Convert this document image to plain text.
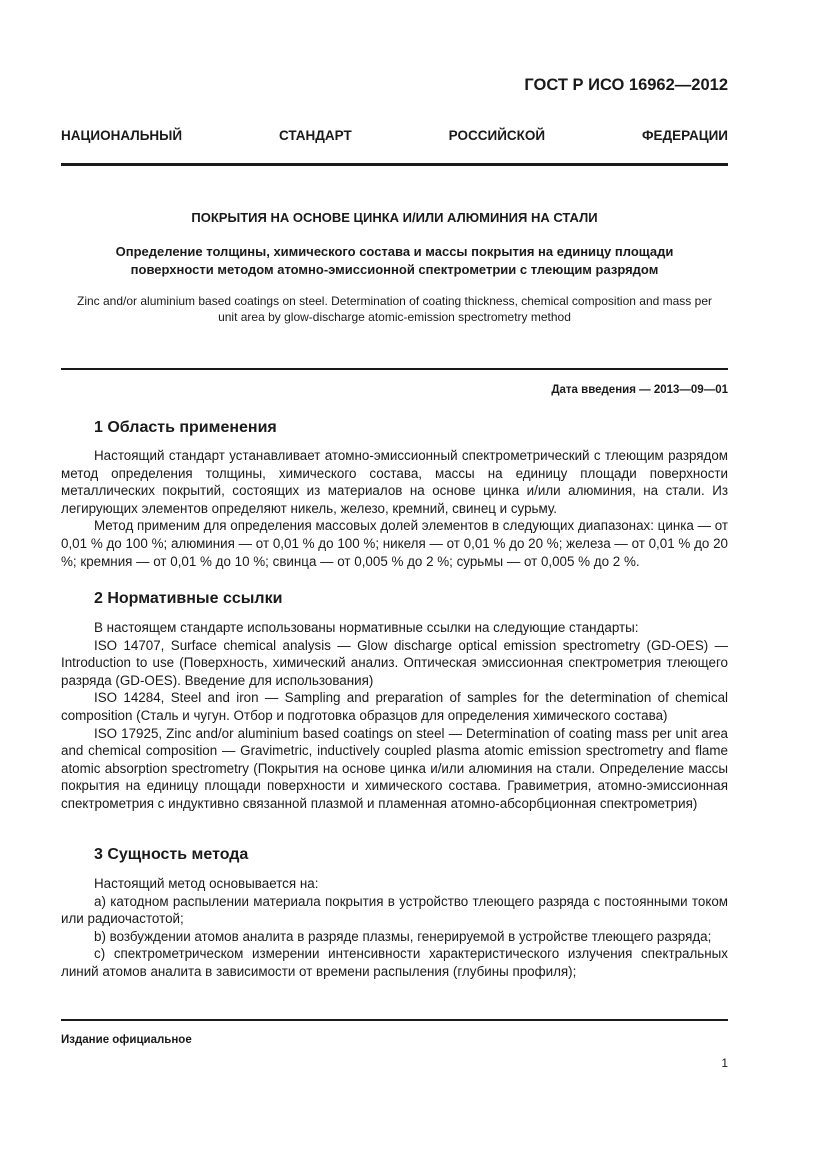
ГОСТ Р ИСО 16962—2012
НАЦИОНАЛЬНЫЙ СТАНДАРТ РОССИЙСКОЙ ФЕДЕРАЦИИ
ПОКРЫТИЯ НА ОСНОВЕ ЦИНКА И/ИЛИ АЛЮМИНИЯ НА СТАЛИ
Определение толщины, химического состава и массы покрытия на единицу площади
поверхности методом атомно-эмиссионной спектрометрии с тлеющим разрядом
Zinc and/or aluminium based coatings on steel. Determination of coating thickness, chemical composition and mass per
unit area by glow-discharge atomic-emission spectrometry method
Дата введения — 2013—09—01
1 Область применения
Настоящий стандарт устанавливает атомно-эмиссионный спектрометрический с тлеющим разрядом метод определения толщины, химического состава, массы на единицу площади поверхности металлических покрытий, состоящих из материалов на основе цинка и/или алюминия, на стали. Из легирующих элементов определяют никель, железо, кремний, свинец и сурьму.
Метод применим для определения массовых долей элементов в следующих диапазонах: цинка — от 0,01 % до 100 %; алюминия — от 0,01 % до 100 %; никеля — от 0,01 % до 20 %; железа — от 0,01 % до 20 %; кремния — от 0,01 % до 10 %; свинца — от 0,005 % до 2 %; сурьмы — от 0,005 % до 2 %.
2 Нормативные ссылки
В настоящем стандарте использованы нормативные ссылки на следующие стандарты:
ISO 14707, Surface chemical analysis — Glow discharge optical emission spectrometry (GD-OES) — Introduction to use (Поверхность, химический анализ. Оптическая эмиссионная спектрометрия тлеющего разряда (GD-OES). Введение для использования)
ISO 14284, Steel and iron — Sampling and preparation of samples for the determination of chemical composition (Сталь и чугун. Отбор и подготовка образцов для определения химического состава)
ISO 17925, Zinc and/or aluminium based coatings on steel — Determination of coating mass per unit area and chemical composition — Gravimetric, inductively coupled plasma atomic emission spectrometry and flame atomic absorption spectrometry (Покрытия на основе цинка и/или алюминия на стали. Определение массы покрытия на единицу площади поверхности и химического состава. Гравиметрия, атомно-эмиссионная спектрометрия с индуктивно связанной плазмой и пламенная атомно-абсорбционная спектрометрия)
3 Сущность метода
Настоящий метод основывается на:
а) катодном распылении материала покрытия в устройство тлеющего разряда с постоянными током или радиочастотой;
b) возбуждении атомов аналита в разряде плазмы, генерируемой в устройстве тлеющего разряда;
с) спектрометрическом измерении интенсивности характеристического излучения спектральных линий атомов аналита в зависимости от времени распыления (глубины профиля);
Издание официальное
1
